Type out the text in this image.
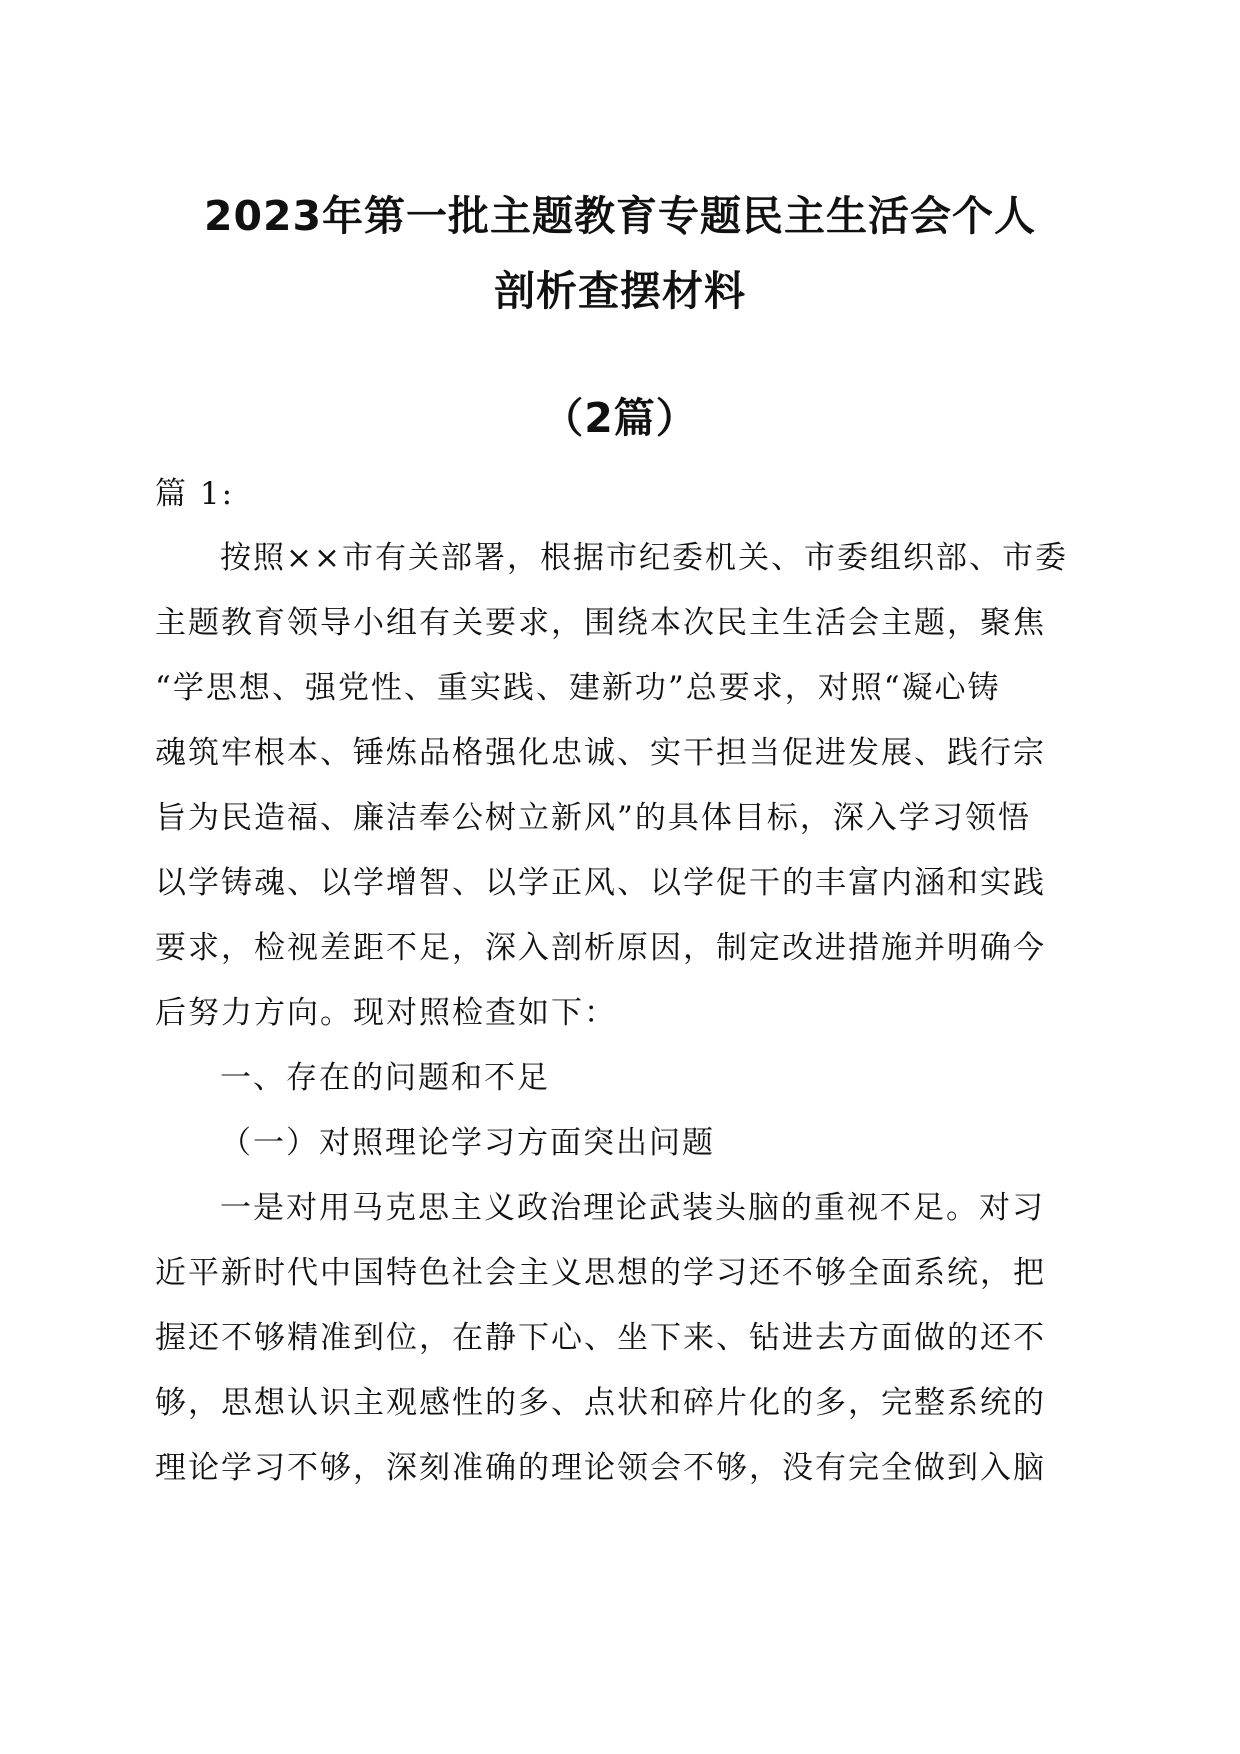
2023年第一批主题教育专题民主生活会个人
剖析查摆材料
（2篇）

篇 1:

按照××市有关部署，根据市纪委机关、市委组织部、市委

主题教育领导小组有关要求，围绕本次民主生活会主题，聚焦

“学思想、强党性、重实践、建新功”总要求，对照“凝心铸

魂筑牢根本、锤炼品格强化忠诚、实干担当促进发展、践行宗

旨为民造福、廉洁奉公树立新风”的具体目标，深入学习领悟

以学铸魂、以学增智、以学正风、以学促干的丰富内涵和实践

要求，检视差距不足，深入剖析原因，制定改进措施并明确今

后努力方向。现对照检查如下：

一、存在的问题和不足

（一）对照理论学习方面突出问题

一是对用马克思主义政治理论武装头脑的重视不足。对习

近平新时代中国特色社会主义思想的学习还不够全面系统，把

握还不够精准到位，在静下心、坐下来、钻进去方面做的还不

够，思想认识主观感性的多、点状和碎片化的多，完整系统的

理论学习不够，深刻准确的理论领会不够，没有完全做到入脑
